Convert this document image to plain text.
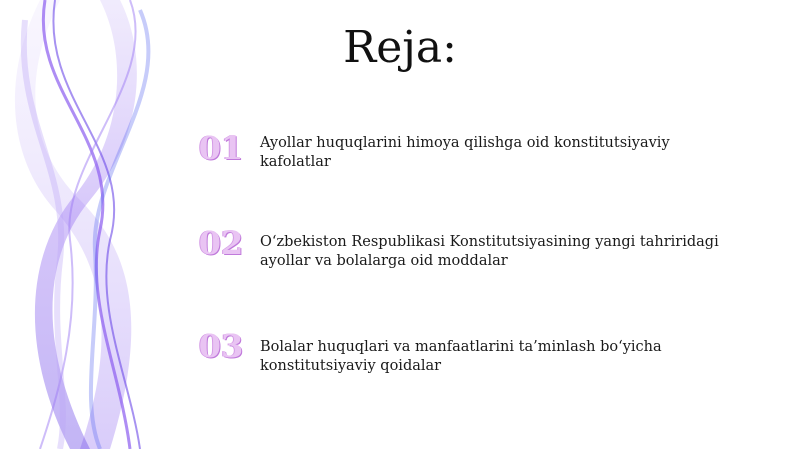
Reja:
01 Ayollar huquqlarini himoya qilishga oid konstitutsiyaviy kafolatlar
02 O‘zbekiston Respublikasi Konstitutsiyasining yangi tahriridagi ayollar va bolalarga oid moddalar
03 Bolalar huquqlari va manfaatlarini ta’minlash bo‘yicha konstitutsiyaviy qoidalar
